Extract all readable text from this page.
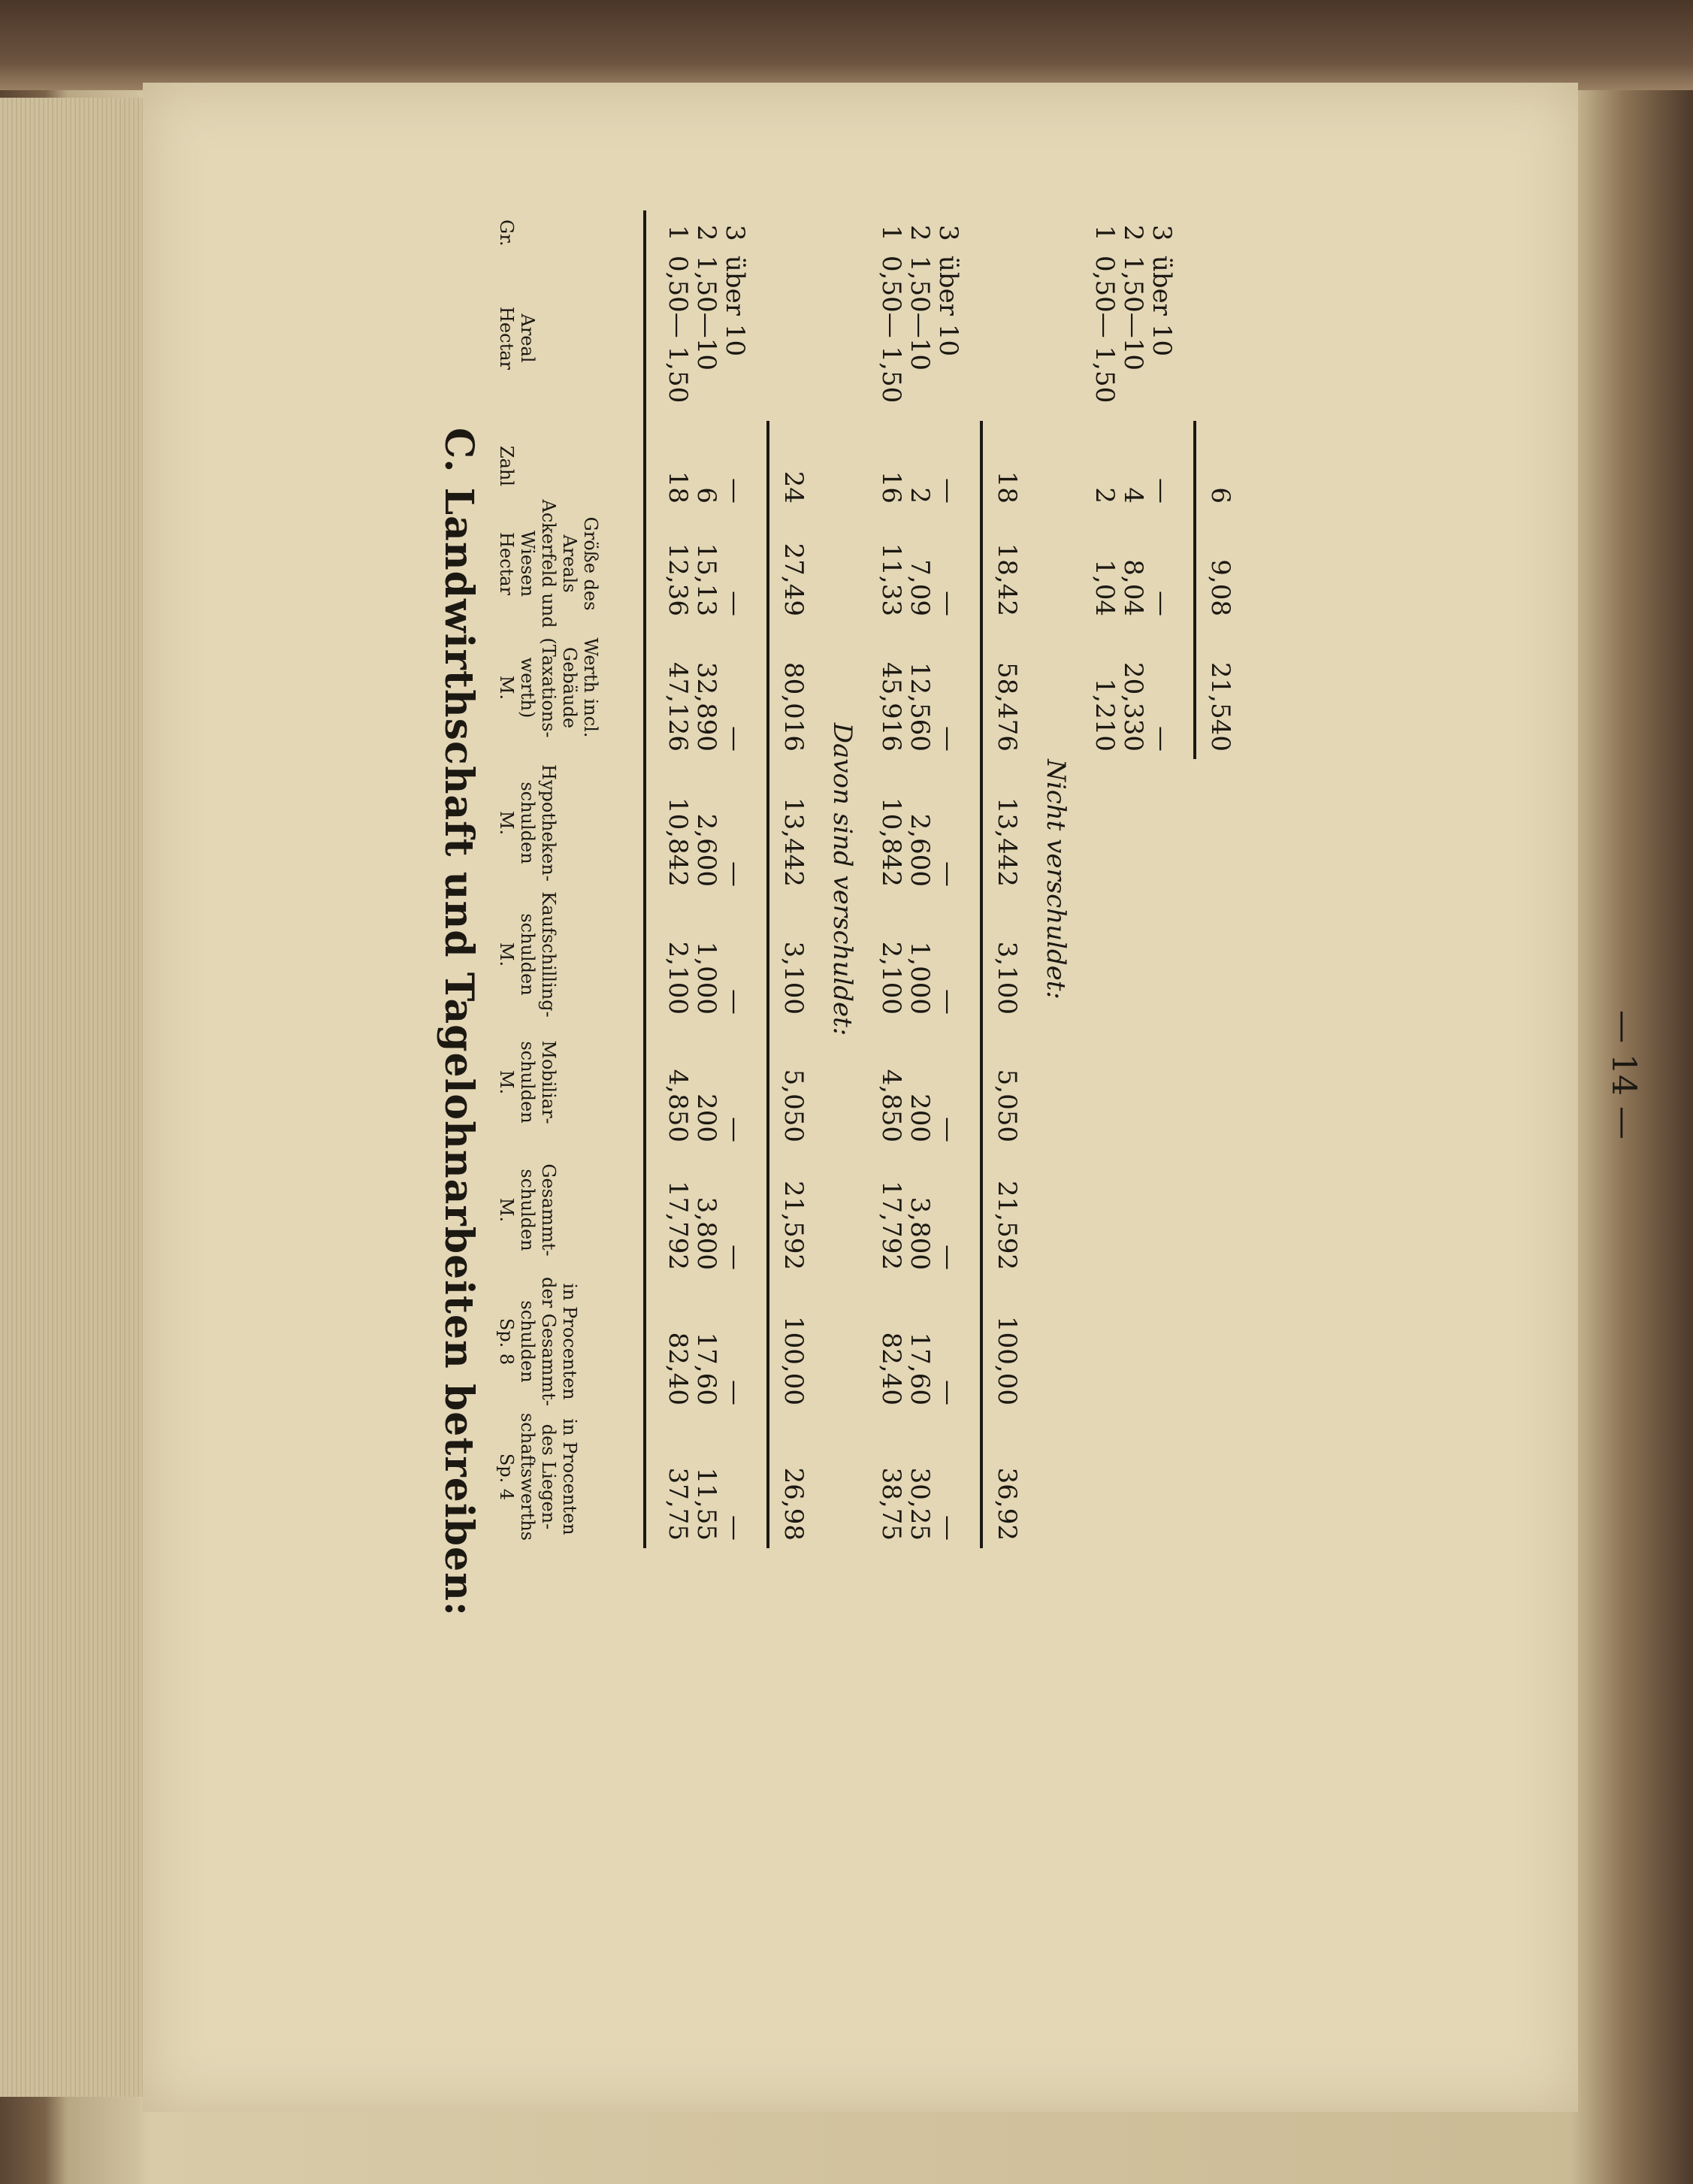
— 14 —
C. Landwirthschaft und Tagelohnarbeiten betreiben:
Gr.
Areal
Hectar
Zahl
Größe des
Areals
Ackerfeld und
Wiesen
Hectar
Werth incl.
Gebäude
(Taxations-
werth)
M.
Hypotheken-
schulden
M.
Kaufschilling-
schulden
M.
Mobiliar-
schulden
M.
Gesammt-
schulden
M.
in Procenten
der Gesammt-
schulden
Sp. 8
in Procenten
des Liegen-
schaftswerths
Sp. 4
1
0,50— 1,50
18
12,36
47,126
10,842
2,100
4,850
17,792
82,40
37,75
2
1,50—10
6
15,13
32,890
2,600
1,000
200
3,800
17,60
11,55
3
über 10
—
—
—
—
—
—
—
—
—
24
27,49
80,016
13,442
3,100
5,050
21,592
100,00
26,98
Davon sind verschuldet:
1
0,50— 1,50
16
11,33
45,916
10,842
2,100
4,850
17,792
82,40
38,75
2
1,50—10
2
7,09
12,560
2,600
1,000
200
3,800
17,60
30,25
3
über 10
—
—
—
—
—
—
—
—
—
18
18,42
58,476
13,442
3,100
5,050
21,592
100,00
36,92
Nicht verschuldet:
1
0,50— 1,50
2
1,04
1,210
2
1,50—10
4
8,04
20,330
3
über 10
—
—
—
6
9,08
21,540
